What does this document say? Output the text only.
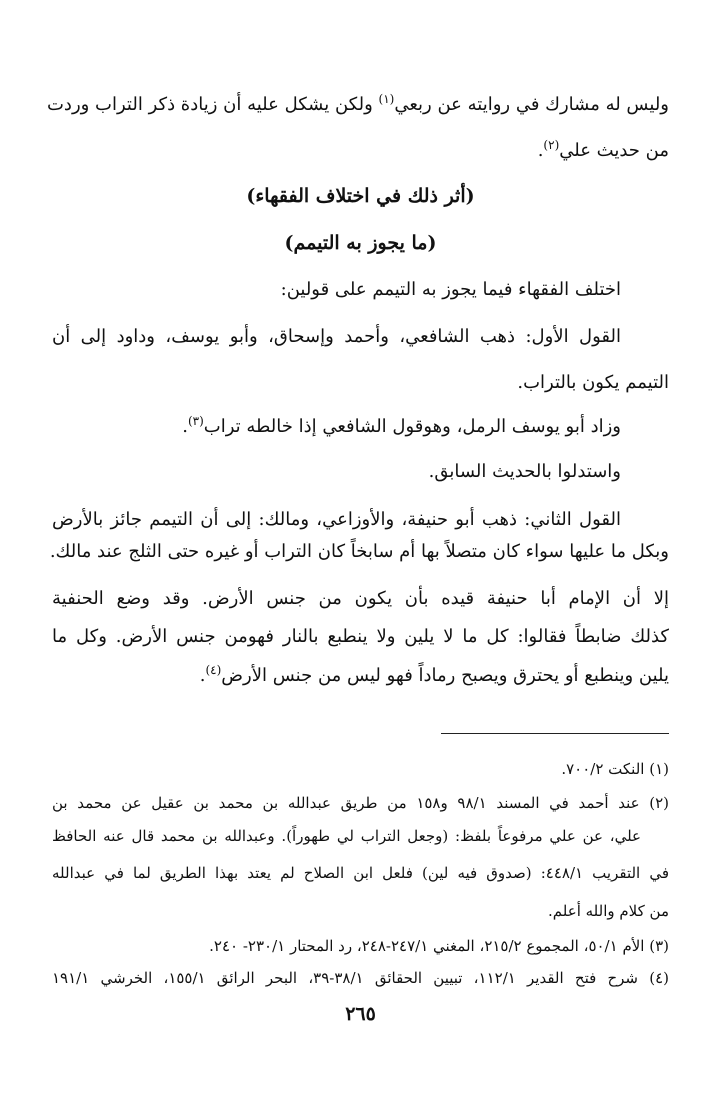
وليس له مشارك في روايته عن ربعي$^{(١)}$ ولكن يشكل عليه أن زيادة ذكر التراب وردت
من حديث علي$^{(٢)}$.
(أثر ذلك في اختلاف الفقهاء)
(ما يجوز به التيمم)
اختلف الفقهاء فيما يجوز به التيمم على قولين:
القول الأول: ذهب الشافعي، وأحمد وإسحاق، وأبو يوسف، وداود إلى أن
التيمم يكون بالتراب.
وزاد أبو يوسف الرمل، وهوقول الشافعي إذا خالطه تراب$^{(٣)}$.
واستدلوا بالحديث السابق.
القول الثاني: ذهب أبو حنيفة، والأوزاعي، ومالك: إلى أن التيمم جائز بالأرض
وبكل ما عليها سواء كان متصلاً بها أم سابخاً كان التراب أو غيره حتى الثلج عند مالك.
إلا أن الإمام أبا حنيفة قيده بأن يكون من جنس الأرض. وقد وضع الحنفية
كذلك ضابطاً فقالوا: كل ما لا يلين ولا ينطبع بالنار فهومن جنس الأرض. وكل ما
يلين وينطبع أو يحترق ويصبح رماداً فهو ليس من جنس الأرض$^{(٤)}$.
(١) النكت ٧٠٠/٢.
(٢) عند أحمد في المسند ٩٨/١ و١٥٨ من طريق عبدالله بن محمد بن عقيل عن محمد بن
علي، عن علي مرفوعاً بلفظ: (وجعل التراب لي طهوراً). وعبدالله بن محمد قال عنه الحافظ
في التقريب ٤٤٨/١: (صدوق فيه لين) فلعل ابن الصلاح لم يعتد بهذا الطريق لما في عبدالله
من كلام والله أعلم.
(٣) الأم ٥٠/١، المجموع ٢١٥/٢، المغني ٢٤٧/١-٢٤٨، رد المحتار ٢٣٠/١- ٢٤٠.
(٤) شرح فتح القدير ١١٢/١، تبيين الحقائق ٣٨/١-٣٩، البحر الرائق ١٥٥/١، الخرشي ١٩١/١
٢٦٥
